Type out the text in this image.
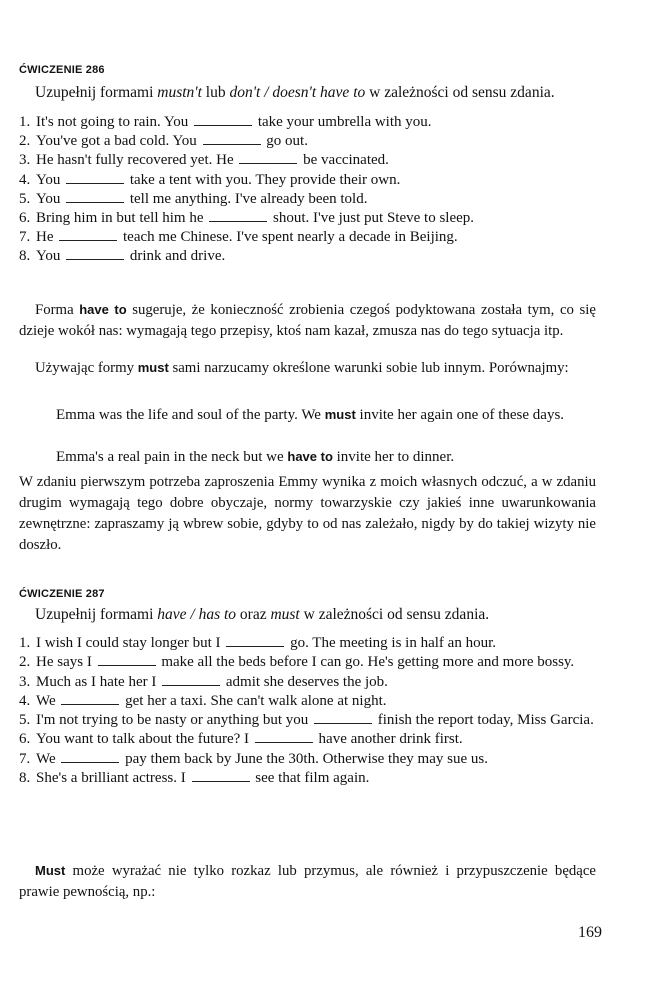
ĆWICZENIE 286
Uzupełnij formami mustn't lub don't / doesn't have to w zależności od sensu zdania.
1. It's not going to rain. You	take your umbrella with you.
2. You've got a bad cold. You	go out.
3. He hasn't fully recovered yet. He	be vaccinated.
4. You	take a tent with you. They provide their own.
5. You	tell me anything. I've already been told.
6. Bring him in but tell him he	shout. I've just put Steve to sleep.
7. He	teach me Chinese. I've spent nearly a decade in Beijing.
8. You	drink and drive.

Forma have to sugeruje, że konieczność zrobienia czegoś podyktowana została tym, co się dzieje wokół nas: wymagają tego przepisy, ktoś nam kazał, zmusza nas do tego sytuacja itp.

Używając formy must sami narzucamy określone warunki sobie lub innym. Porównajmy:

Emma was the life and soul of the party. We must invite her again one of these days.

Emma's a real pain in the neck but we have to invite her to dinner.

W zdaniu pierwszym potrzeba zaproszenia Emmy wynika z moich własnych odczuć, a w zdaniu drugim wymagają tego dobre obyczaje, normy towarzyskie czy jakieś inne uwarunkowania zewnętrzne: zapraszamy ją wbrew sobie, gdyby to od nas zależało, nigdy by do takiej wizyty nie doszło.

ĆWICZENIE 287
Uzupełnij formami have / has to oraz must w zależności od sensu zdania.
1. I wish I could stay longer but I	go. The meeting is in half an hour.
2. He says I	make all the beds before I can go. He's getting more and more bossy.
3. Much as I hate her I	admit she deserves the job.
4. We	get her a taxi. She can't walk alone at night.
5. I'm not trying to be nasty or anything but you	finish the report today, Miss Garcia.
6. You want to talk about the future? I	have another drink first.
7. We	pay them back by June the 30th. Otherwise they may sue us.
8. She's a brilliant actress. I	see that film again.

Must może wyrażać nie tylko rozkaz lub przymus, ale również i przypuszczenie będące prawie pewnością, np.:

169
